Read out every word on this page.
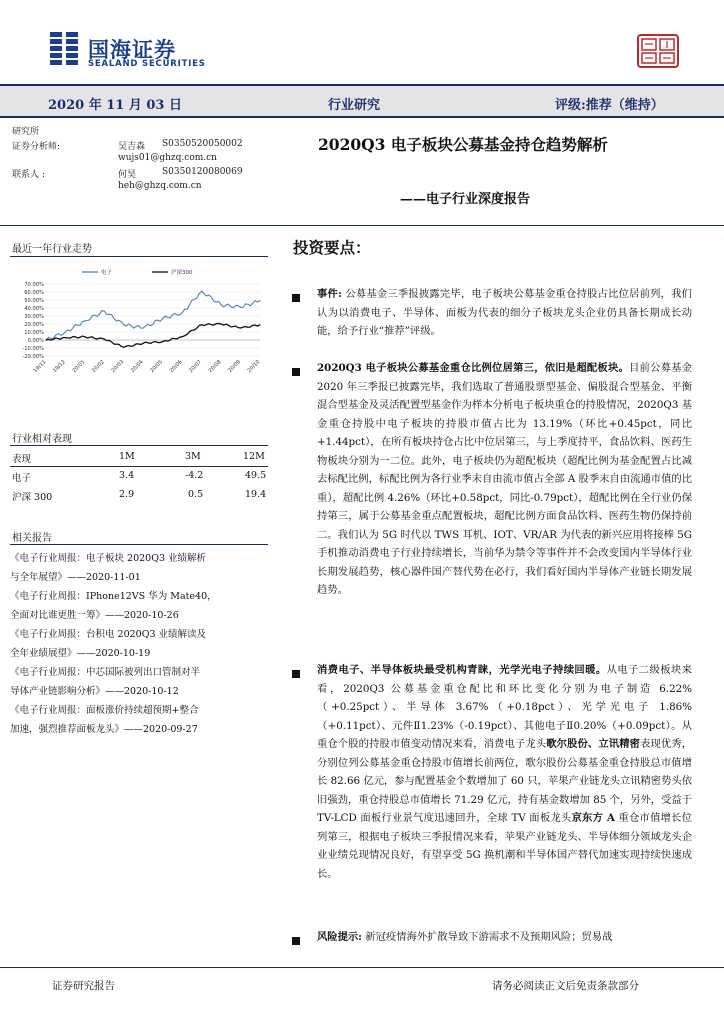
国海证券
SEALAND SECURITIES
2020 年 11 月 03 日	行业研究	评级:推荐（维持）
研究所
证券分析师:	吴吉森 S0350520050002
wujs01@ghzq.com.cn
联系人 :	何昊	S0350120080069
heh@ghzq.com.cn
2020Q3 电子板块公募基金持仓趋势解析
——电子行业深度报告
最近一年行业走势
70.00%
60.00%
50.00%
40.00%
30.00%
20.00%
10.00%
0.00%
-10.00%
-20.00%
19/11 19/12 20/01 20/02 20/03 20/04 20/05 20/06 20/07 20/08 20/09 20/10
电子	沪深300
行业相对表现
表现	1M	3M	12M
电子	3.4	-4.2	49.5
沪深 300	2.9	0.5	19.4
相关报告
《电子行业周报：电子板块 2020Q3 业绩解析
与全年展望》——2020-11-01
《电子行业周报：IPhone12VS 华为 Mate40，
全面对比谁更胜一筹》——2020-10-26
《电子行业周报：台积电 2020Q3 业绩解读及
全年业绩展望》——2020-10-19
《电子行业周报：中芯国际被列出口管制对半
导体产业链影响分析》——2020-10-12
《电子行业周报：面板涨价持续超预期+整合
加速，强烈推荐面板龙头》——2020-09-27
投资要点：
事件: 公募基金三季报披露完毕，电子板块公募基金重仓持股占比位居前列，我们认为以消费电子、半导体、面板为代表的细分子板块龙头企业仍具备长期成长动能，给予行业“推荐”评级。
2020Q3 电子板块公募基金重仓比例位居第三，依旧是超配板块。目前公募基金 2020 年三季报已披露完毕，我们选取了普通股票型基金、偏股混合型基金、平衡混合型基金及灵活配置型基金作为样本分析电子板块重仓的持股情况，2020Q3 基金重仓持股中电子板块的持股市值占比为 13.19%（环比+0.45pct，同比+1.44pct），在所有板块持仓占比中位居第三，与上季度持平，食品饮料、医药生物板块分别为一二位。此外，电子板块仍为超配板块（超配比例为基金配置占比减去标配比例，标配比例为各行业季末自由流市值占全部 A 股季末自由流通市值的比重），超配比例 4.26%（环比+0.58pct，同比-0.79pct），超配比例在全行业仍保持第三，属于公募基金重点配置板块，超配比例方面食品饮料、医药生物仍保持前二。我们认为 5G 时代以 TWS 耳机、IOT、VR/AR 为代表的新兴应用将接棒 5G 手机推动消费电子行业持续增长，当前华为禁令等事件并不会改变国内半导体行业长期发展趋势，核心器件国产替代势在必行，我们看好国内半导体产业链长期发展趋势。
消费电子、半导体板块最受机构青睐，光学光电子持续回暖。从电子二级板块来看，2020Q3 公募基金重仓配比和环比变化分别为电子制造 6.22%（+0.25pct）、半导体 3.67%（+0.18pct）、光学光电子 1.86%（+0.11pct）、元件Ⅱ1.23%（-0.19pct）、其他电子Ⅱ0.20%（+0.09pct）。从重仓个股的持股市值变动情况来看，消费电子龙头歌尔股份、立讯精密表现优秀，分别位列公募基金重仓持股市值增长前两位，歌尔股份公募基金重仓持股总市值增长 82.66 亿元，参与配置基金个数增加了 60 只，苹果产业链龙头立讯精密势头依旧强劲，重仓持股总市值增长 71.29 亿元，持有基金数增加 85 个，另外，受益于 TV-LCD 面板行业景气度迅速回升，全球 TV 面板龙头京东方 A 重仓市值增长位列第三，根据电子板块三季报情况来看，苹果产业链龙头、半导体细分领域龙头企业业绩兑现情况良好，有望享受 5G 换机潮和半导体国产替代加速实现持续快速成长。
风险提示: 新冠疫情海外扩散导致下游需求不及预期风险；贸易战
证券研究报告	请务必阅读正文后免责条款部分
